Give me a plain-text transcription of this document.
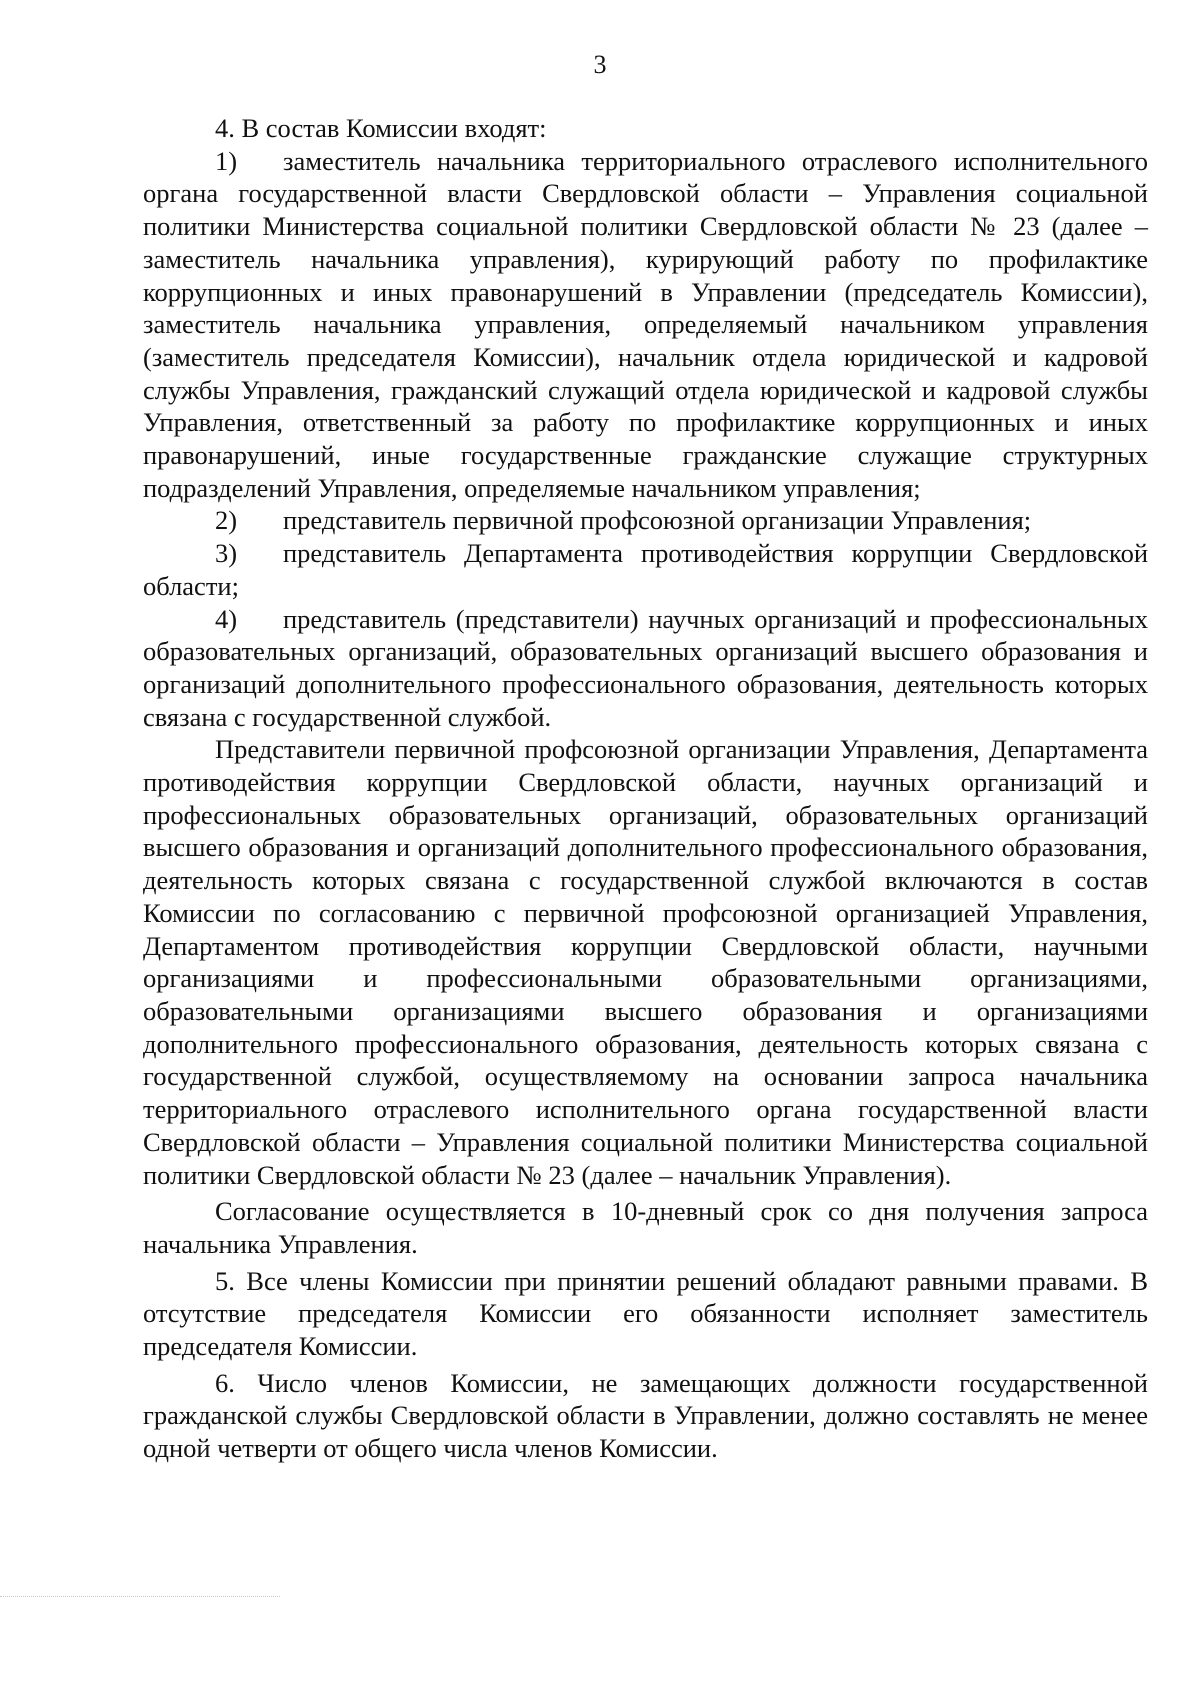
3

4. В состав Комиссии входят:

1) заместитель начальника территориального отраслевого исполнительного органа государственной власти Свердловской области – Управления социальной политики Министерства социальной политики Свердловской области № 23 (далее – заместитель начальника управления), курирующий работу по профилактике коррупционных и иных правонарушений в Управлении (председатель Комиссии), заместитель начальника управления, определяемый начальником управления (заместитель председателя Комиссии), начальник отдела юридической и кадровой службы Управления, гражданский служащий отдела юридической и кадровой службы Управления, ответственный за работу по профилактике коррупционных и иных правонарушений, иные государственные гражданские служащие структурных подразделений Управления, определяемые начальником управления;

2) представитель первичной профсоюзной организации Управления;

3) представитель Департамента противодействия коррупции Свердловской области;

4) представитель (представители) научных организаций и профессиональных образовательных организаций, образовательных организаций высшего образования и организаций дополнительного профессионального образования, деятельность которых связана с государственной службой.

Представители первичной профсоюзной организации Управления, Департамента противодействия коррупции Свердловской области, научных организаций и профессиональных образовательных организаций, образовательных организаций высшего образования и организаций дополнительного профессионального образования, деятельность которых связана с государственной службой включаются в состав Комиссии по согласованию с первичной профсоюзной организацией Управления, Департаментом противодействия коррупции Свердловской области, научными организациями и профессиональными образовательными организациями, образовательными организациями высшего образования и организациями дополнительного профессионального образования, деятельность которых связана с государственной службой, осуществляемому на основании запроса начальника территориального отраслевого исполнительного органа государственной власти Свердловской области – Управления социальной политики Министерства социальной политики Свердловской области № 23 (далее – начальник Управления).

Согласование осуществляется в 10-дневный срок со дня получения запроса начальника Управления.

5. Все члены Комиссии при принятии решений обладают равными правами. В отсутствие председателя Комиссии его обязанности исполняет заместитель председателя Комиссии.

6. Число членов Комиссии, не замещающих должности государственной гражданской службы Свердловской области в Управлении, должно составлять не менее одной четверти от общего числа членов Комиссии.
